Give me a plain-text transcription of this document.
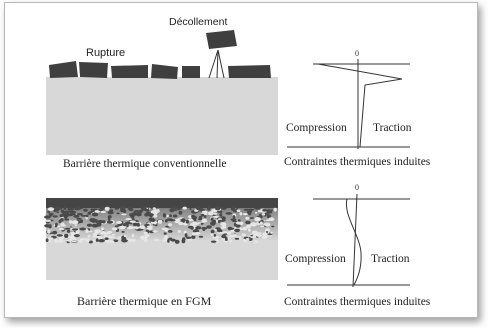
Rupture
Décollement
Barrière thermique conventionnelle
0
Compression Traction
Contraintes thermiques induites
Barrière thermique en FGM
0
Compression Traction
Contraintes thermiques induites
